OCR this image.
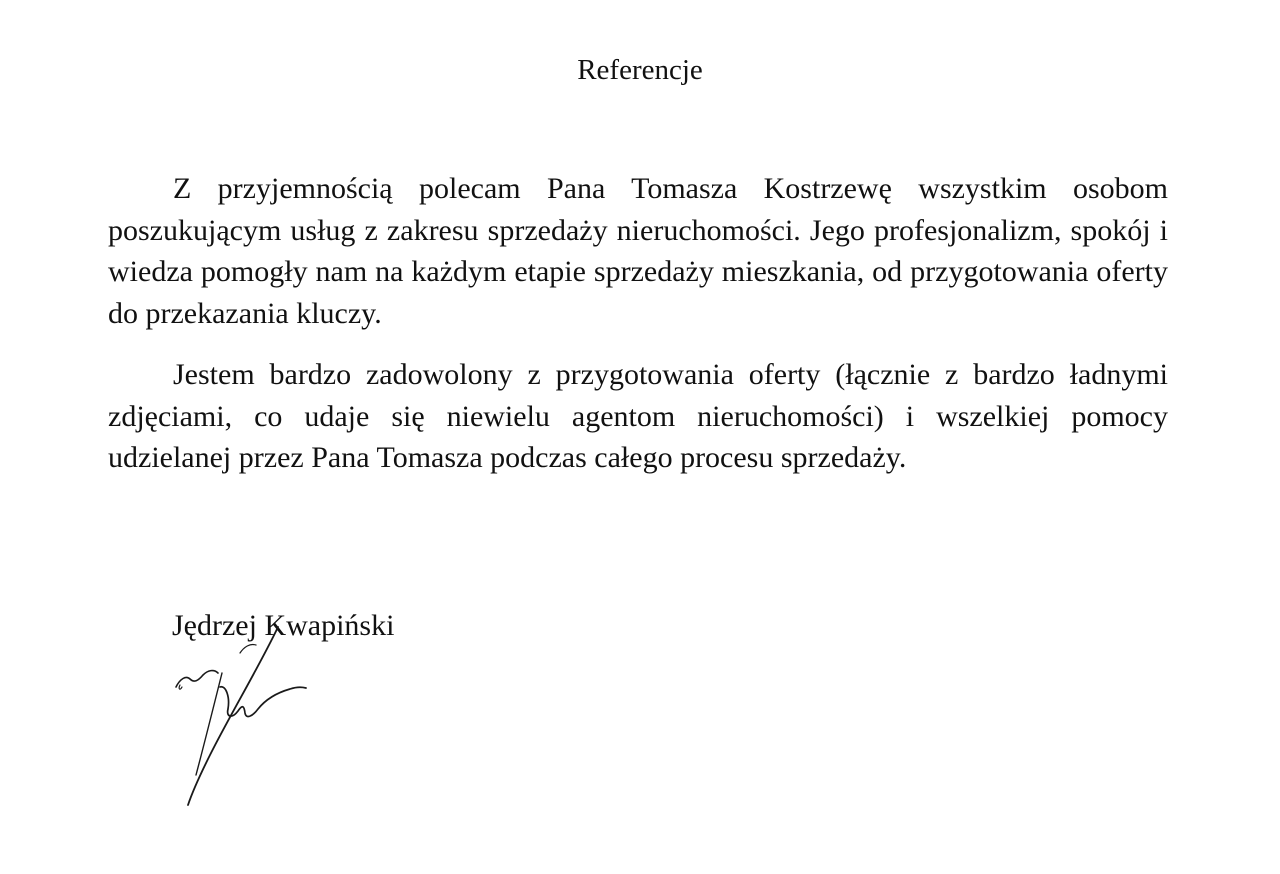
Referencje

Z przyjemnością polecam Pana Tomasza Kostrzewę wszystkim osobom poszukującym usług z zakresu sprzedaży nieruchomości. Jego profesjonalizm, spokój i wiedza pomogły nam na każdym etapie sprzedaży mieszkania, od przygotowania oferty do przekazania kluczy.

Jestem bardzo zadowolony z przygotowania oferty (łącznie z bardzo ładnymi zdjęciami, co udaje się niewielu agentom nieruchomości) i wszelkiej pomocy udzielanej przez Pana Tomasza podczas całego procesu sprzedaży.

Jędrzej Kwapiński
